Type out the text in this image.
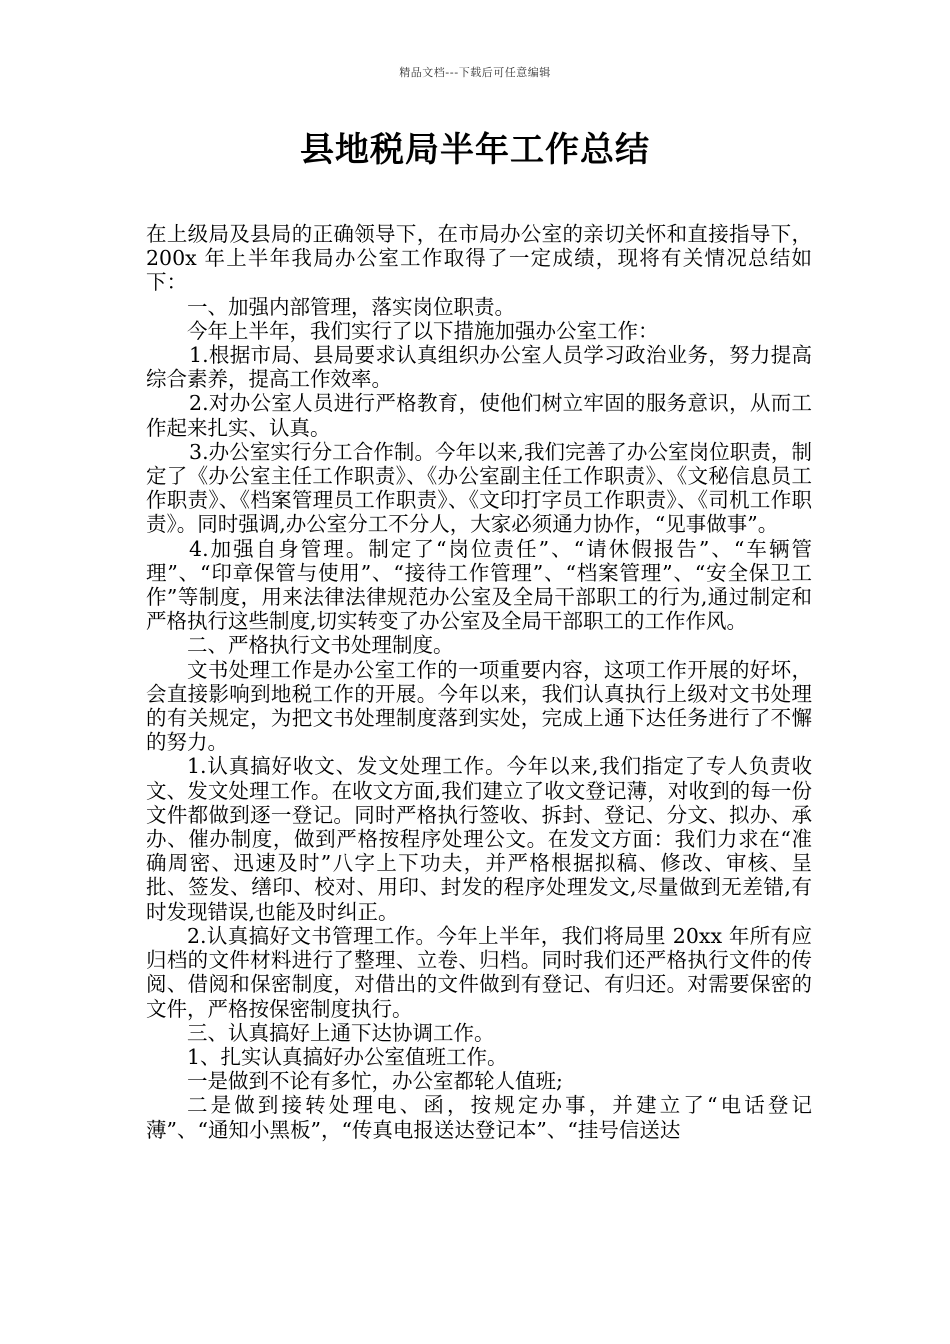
精品文档---下载后可任意编辑
县地税局半年工作总结

在上级局及县局的正确领导下，在市局办公室的亲切关怀和直接指导下，200x 年上半年我局办公室工作取得了一定成绩，现将有关情况总结如下：

一、加强内部管理，落实岗位职责。

今年上半年，我们实行了以下措施加强办公室工作：

1.根据市局、县局要求认真组织办公室人员学习政治业务，努力提高综合素养，提高工作效率。

2.对办公室人员进行严格教育，使他们树立牢固的服务意识，从而工作起来扎实、认真。

3.办公室实行分工合作制。今年以来,我们完善了办公室岗位职责，制定了《办公室主任工作职责》、《办公室副主任工作职责》、《文秘信息员工作职责》、《档案管理员工作职责》、《文印打字员工作职责》、《司机工作职责》。同时强调,办公室分工不分人，大家必须通力协作，“见事做事”。

4.加强自身管理。制定了“岗位责任”、“请休假报告”、“车辆管理”、“印章保管与使用”、“接待工作管理”、“档案管理”、“安全保卫工作”等制度，用来法律法律规范办公室及全局干部职工的行为,通过制定和严格执行这些制度,切实转变了办公室及全局干部职工的工作作风。

二、严格执行文书处理制度。

文书处理工作是办公室工作的一项重要内容，这项工作开展的好坏，会直接影响到地税工作的开展。今年以来，我们认真执行上级对文书处理的有关规定，为把文书处理制度落到实处，完成上通下达任务进行了不懈的努力。

1.认真搞好收文、发文处理工作。今年以来,我们指定了专人负责收文、发文处理工作。在收文方面,我们建立了收文登记薄，对收到的每一份文件都做到逐一登记。同时严格执行签收、拆封、登记、分文、拟办、承办、催办制度，做到严格按程序处理公文。在发文方面：我们力求在“准确周密、迅速及时”八字上下功夫，并严格根据拟稿、修改、审核、呈批、签发、缮印、校对、用印、封发的程序处理发文,尽量做到无差错,有时发现错误,也能及时纠正。

2.认真搞好文书管理工作。今年上半年，我们将局里 20xx 年所有应归档的文件材料进行了整理、立卷、归档。同时我们还严格执行文件的传阅、借阅和保密制度，对借出的文件做到有登记、有归还。对需要保密的文件，严格按保密制度执行。

三、认真搞好上通下达协调工作。

1、扎实认真搞好办公室值班工作。

一是做到不论有多忙，办公室都轮人值班;

二是做到接转处理电、函，按规定办事，并建立了“电话登记薄”、“通知小黑板”，“传真电报送达登记本”、“挂号信送达
